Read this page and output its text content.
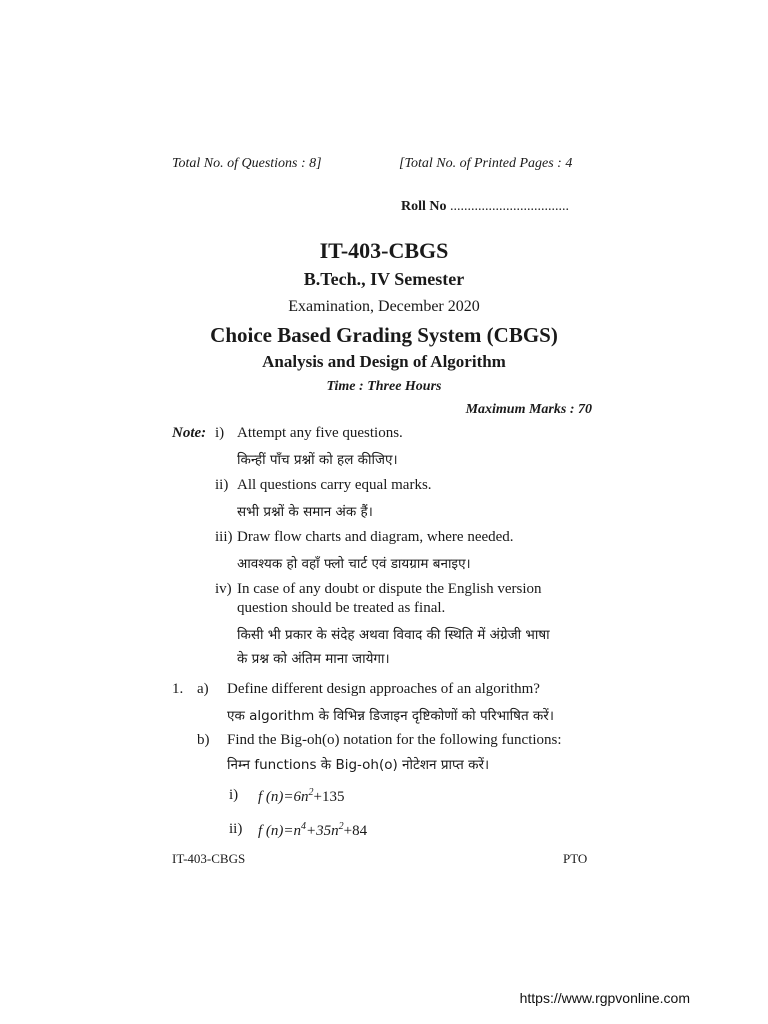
Total No. of Questions : 8]	[Total No. of Printed Pages : 4
Roll No ..................................
IT-403-CBGS
B.Tech., IV Semester
Examination, December 2020
Choice Based Grading System (CBGS)
Analysis and Design of Algorithm
Time : Three Hours
Maximum Marks : 70
Note: i) Attempt any five questions.
किन्हीं पाँच प्रश्नों को हल कीजिए।
ii) All questions carry equal marks.
सभी प्रश्नों के समान अंक हैं।
iii) Draw flow charts and diagram, where needed.
आवश्यक हो वहाँ फ्लो चार्ट एवं डायग्राम बनाइए।
iv) In case of any doubt or dispute the English version
question should be treated as final.
किसी भी प्रकार के संदेह अथवा विवाद की स्थिति में अंग्रेजी भाषा
के प्रश्न को अंतिम माना जायेगा।
1. a) Define different design approaches of an algorithm?
एक algorithm के विभिन्न डिजाइन दृष्टिकोणों को परिभाषित करें।
b) Find the Big-oh(o) notation for the following functions:
निम्न functions के Big-oh(o) नोटेशन प्राप्त करें।
i) f $(n)=6n^2+135$
ii) f $(n)=n^4+35n^2+84$
IT-403-CBGS	PTO
https://www.rgpvonline.com
